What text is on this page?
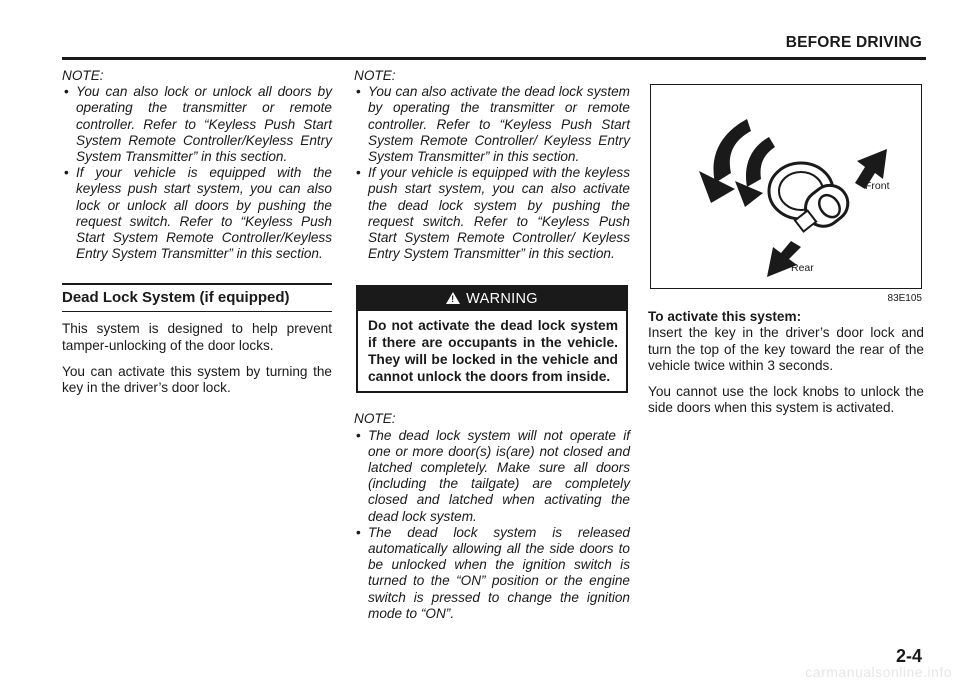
BEFORE DRIVING
NOTE:
• You can also lock or unlock all doors by operating the transmitter or remote controller. Refer to “Keyless Push Start System Remote Controller/Keyless Entry System Transmitter” in this section.
• If your vehicle is equipped with the keyless push start system, you can also lock or unlock all doors by pushing the request switch. Refer to “Keyless Push Start System Remote Controller/Keyless Entry System Transmitter” in this section.
Dead Lock System (if equipped)

This system is designed to help prevent tamper-unlocking of the door locks.

You can activate this system by turning the key in the driver’s door lock.

NOTE:
• You can also activate the dead lock system by operating the transmitter or remote controller. Refer to “Keyless Push Start System Remote Controller/ Keyless Entry System Transmitter” in this section.
• If your vehicle is equipped with the keyless push start system, you can also activate the dead lock system by pushing the request switch. Refer to “Keyless Push Start System Remote Controller/ Keyless Entry System Transmitter” in this section.
! WARNING
Do not activate the dead lock system if there are occupants in the vehicle. They will be locked in the vehicle and cannot unlock the doors from inside.
NOTE:
• The dead lock system will not operate if one or more door(s) is(are) not closed and latched completely. Make sure all doors (including the tailgate) are completely closed and latched when activating the dead lock system.
• The dead lock system is released automatically allowing all the side doors to be unlocked when the ignition switch is turned to the “ON” position or the engine switch is pressed to change the ignition mode to “ON”.
Front
Rear
83E105

To activate this system:

Insert the key in the driver’s door lock and turn the top of the key toward the rear of the vehicle twice within 3 seconds.

You cannot use the lock knobs to unlock the side doors when this system is activated.

2-4
carmanualsonline.info
